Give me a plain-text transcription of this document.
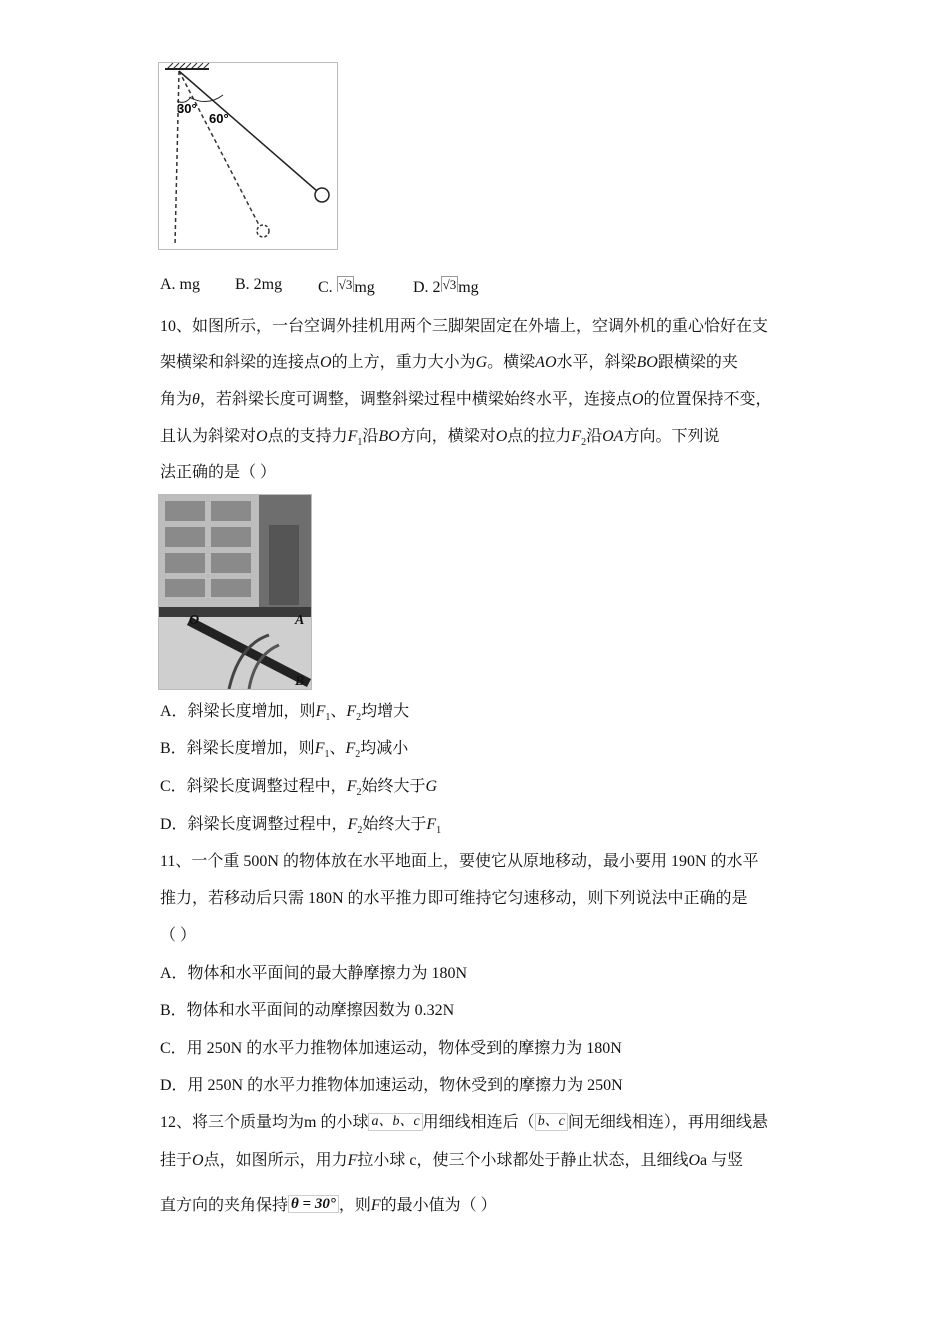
30°
60°
A. mg B. 2mg C. √3 mg D. 2 √3 mg
10、如图所示，一台空调外挂机用两个三脚架固定在外墙上，空调外机的重心恰好在支
架横梁和斜梁的连接点O的上方，重力大小为G。横梁AO水平，斜梁BO跟横梁的夹
角为θ，若斜梁长度可调整，调整斜梁过程中横梁始终水平，连接点O的位置保持不变，
且认为斜梁对O点的支持力$F_1$沿BO方向，横梁对O点的拉力$F_2$沿OA方向。下列说
法正确的是（ ）
O	A
B
A．斜梁长度增加，则$F_1$、$F_2$均增大
B．斜梁长度增加，则$F_1$、$F_2$均减小
C．斜梁长度调整过程中，$F_2$始终大于G
D．斜梁长度调整过程中，$F_2$始终大于$F_1$
11、一个重 500N 的物体放在水平地面上，要使它从原地移动，最小要用 190N 的水平
推力，若移动后只需 180N 的水平推力即可维持它匀速移动，则下列说法中正确的是
（ ）
A．物体和水平面间的最大静摩擦力为 180N
B．物体和水平面间的动摩擦因数为 0.32N
C．用 250N 的水平力推物体加速运动，物体受到的摩擦力为 180N
D．用 250N 的水平力推物体加速运动，物休受到的摩擦力为 250N
12、将三个质量均为m 的小球 a、b、c 用细线相连后（ b、c 间无细线相连），再用细线悬
挂于O点，如图所示，用力F拉小球 c，使三个小球都处于静止状态，且细线Oa 与竖
直方向的夹角保持 θ = 30° ，则F的最小值为（ ）
